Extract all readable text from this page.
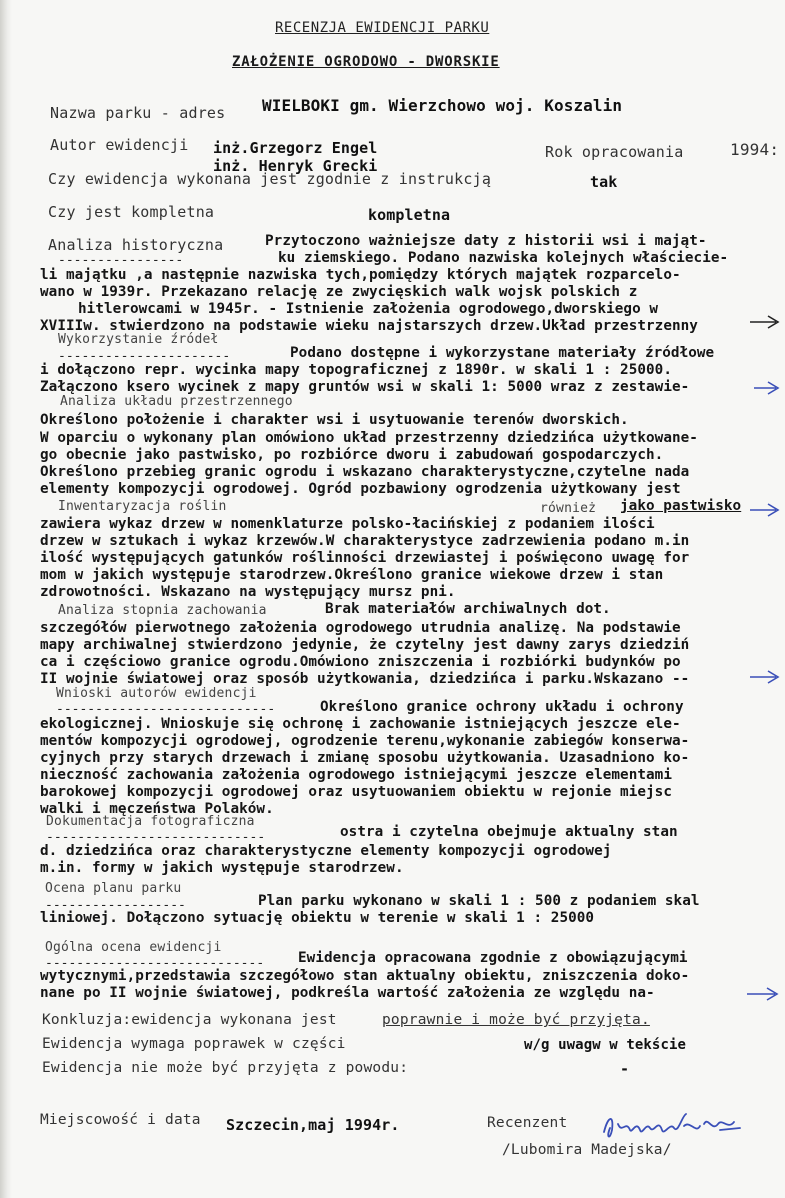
RECENZJA EWIDENCJI PARKU
ZAŁOŻENIE OGRODOWO - DWORSKIE
Nazwa parku - adres WIELBOKI gm. Wierzchowo woj. Koszalin
Autor ewidencji inż.Grzegorz Engel
inż. Henryk Grecki
Rok opracowania	1994:
Czy ewidencja wykonana jest zgodnie z instrukcją	tak
Czy jest kompletna	kompletna
Analiza historyczna
----------------
Przytoczono ważniejsze daty z historii wsi i mająt-
ku ziemskiego. Podano nazwiska kolejnych właściecie-
li majątku ,a następnie nazwiska tych,pomiędzy których majątek rozparcelo-
wano w 1939r. Przekazano relację ze zwycięskich walk wojsk polskich z
hitlerowcami w 1945r. - Istnienie założenia ogrodowego,dworskiego w
XVIIIw. stwierdzono na podstawie wieku najstarszych drzew.Układ przestrzenny
Wykorzystanie źródeł
----------------------	Podano dostępne i wykorzystane materiały źródłowe
i dołączono repr. wycinka mapy topograficznej z 1890r. w skali 1 : 25000.
Załączono ksero wycinek z mapy gruntów wsi w skali 1: 5000 wraz z zestawie-
Analiza układu przestrzennego
Określono położenie i charakter wsi i usytuowanie terenów dworskich.
W oparciu o wykonany plan omówiono układ przestrzenny dziedzińca użytkowane-
go obecnie jako pastwisko, po rozbiórce dworu i zabudowań gospodarczych.
Określono przebieg granic ogrodu i wskazano charakterystyczne,czytelne nada
elementy kompozycji ogrodowej. Ogród pozbawiony ogrodzenia użytkowany jest
Inwentaryzacja roślin	również jako pastwisko
zawiera wykaz drzew w nomenklaturze polsko-łacińskiej z podaniem ilości
drzew w sztukach i wykaz krzewów.W charakterystyce zadrzewienia podano m.in
ilość występujących gatunków roślinności drzewiastej i poświęcono uwagę for
mom w jakich występuje starodrzew.Określono granice wiekowe drzew i stan
zdrowotności. Wskazano na występujący mursz pni.
Analiza stopnia zachowania	Brak materiałów archiwalnych dot.
szczegółów pierwotnego założenia ogrodowego utrudnia analizę. Na podstawie
mapy archiwalnej stwierdzono jedynie, że czytelny jest dawny zarys dziedziń
ca i częściowo granice ogrodu.Omówiono zniszczenia i rozbiórki budynków po
II wojnie światowej oraz sposób użytkowania, dziedzińca i parku.Wskazano --
Wnioski autorów ewidencji
----------------------------	Określono granice ochrony układu i ochrony
ekologicznej. Wnioskuje się ochronę i zachowanie istniejących jeszcze ele-
mentów kompozycji ogrodowej, ogrodzenie terenu,wykonanie zabiegów konserwa-
cyjnych przy starych drzewach i zmianę sposobu użytkowania. Uzasadniono ko-
nieczność zachowania założenia ogrodowego istniejącymi jeszcze elementami
barokowej kompozycji ogrodowej oraz usytuowaniem obiektu w rejonie miejsc
walki i męczeństwa Polaków.
Dokumentacja fotograficzna
----------------------------	ostra i czytelna obejmuje aktualny stan
d. dziedzińca oraz charakterystyczne elementy kompozycji ogrodowej
m.in. formy w jakich występuje starodrzew.
Ocena planu parku
------------------	Plan parku wykonano w skali 1 : 500 z podaniem skal
liniowej. Dołączono sytuację obiektu w terenie w skali 1 : 25000
Ogólna ocena ewidencji
---------------------------- Ewidencja opracowana zgodnie z obowiązującymi
wytycznymi,przedstawia szczegółowo stan aktualny obiektu, zniszczenia doko-
nane po II wojnie światowej, podkreśla wartość założenia ze względu na-
Konkluzja:ewidencja wykonana jest	poprawnie i może być przyjęta.
Ewidencja wymaga poprawek w części	w/g uwagw w tekście
Ewidencja nie może być przyjęta z powodu:	-
Miejscowość i data Szczecin,maj 1994r.	Recenzent
/Lubomira Madejska/
